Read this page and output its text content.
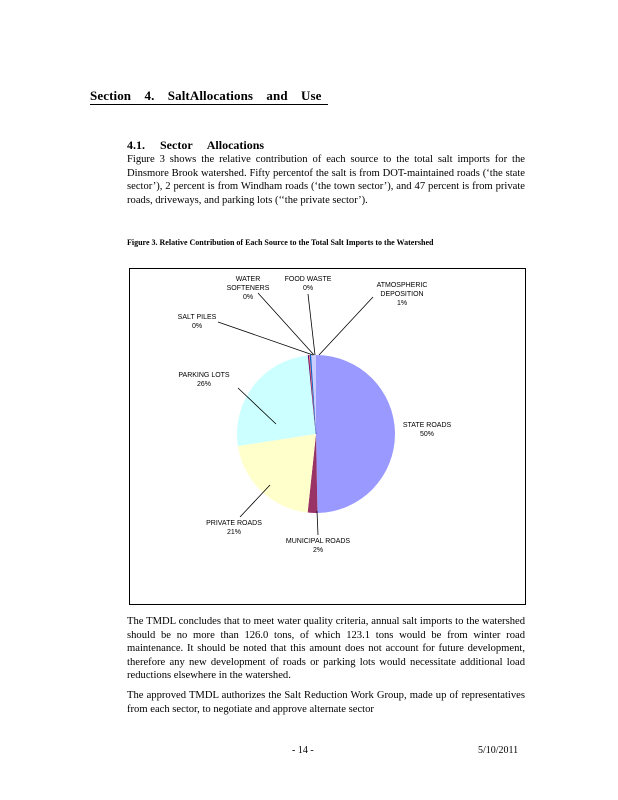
Section 4. SaltAllocations and Use
4.1. Sector Allocations
Figure 3 shows the relative contribution of each source to the total salt imports for the Dinsmore Brook watershed. Fifty percentof the salt is from DOT-maintained roads (‘the state sector’), 2 percent is from Windham roads (‘the town sector’), and 47 percent is from private roads, driveways, and parking lots (‘‘the private sector’).
Figure 3. Relative Contribution of Each Source to the Total Salt Imports to the Watershed
STATE ROADS 50%
MUNICIPAL ROADS 2%
PRIVATE ROADS 21%
PARKING LOTS 26%
SALT PILES 0%
WATER SOFTENERS 0%
FOOD WASTE 0%	ATMOSPHERIC DEPOSITION 1%
The TMDL concludes that to meet water quality criteria, annual salt imports to the watershed should be no more than 126.0 tons, of which 123.1 tons would be from winter road maintenance. It should be noted that this amount does not account for future development, therefore any new development of roads or parking lots would necessitate additional load reductions elsewhere in the watershed.
The approved TMDL authorizes the Salt Reduction Work Group, made up of representatives from each sector, to negotiate and approve alternate sector
- 14 -	5/10/2011
